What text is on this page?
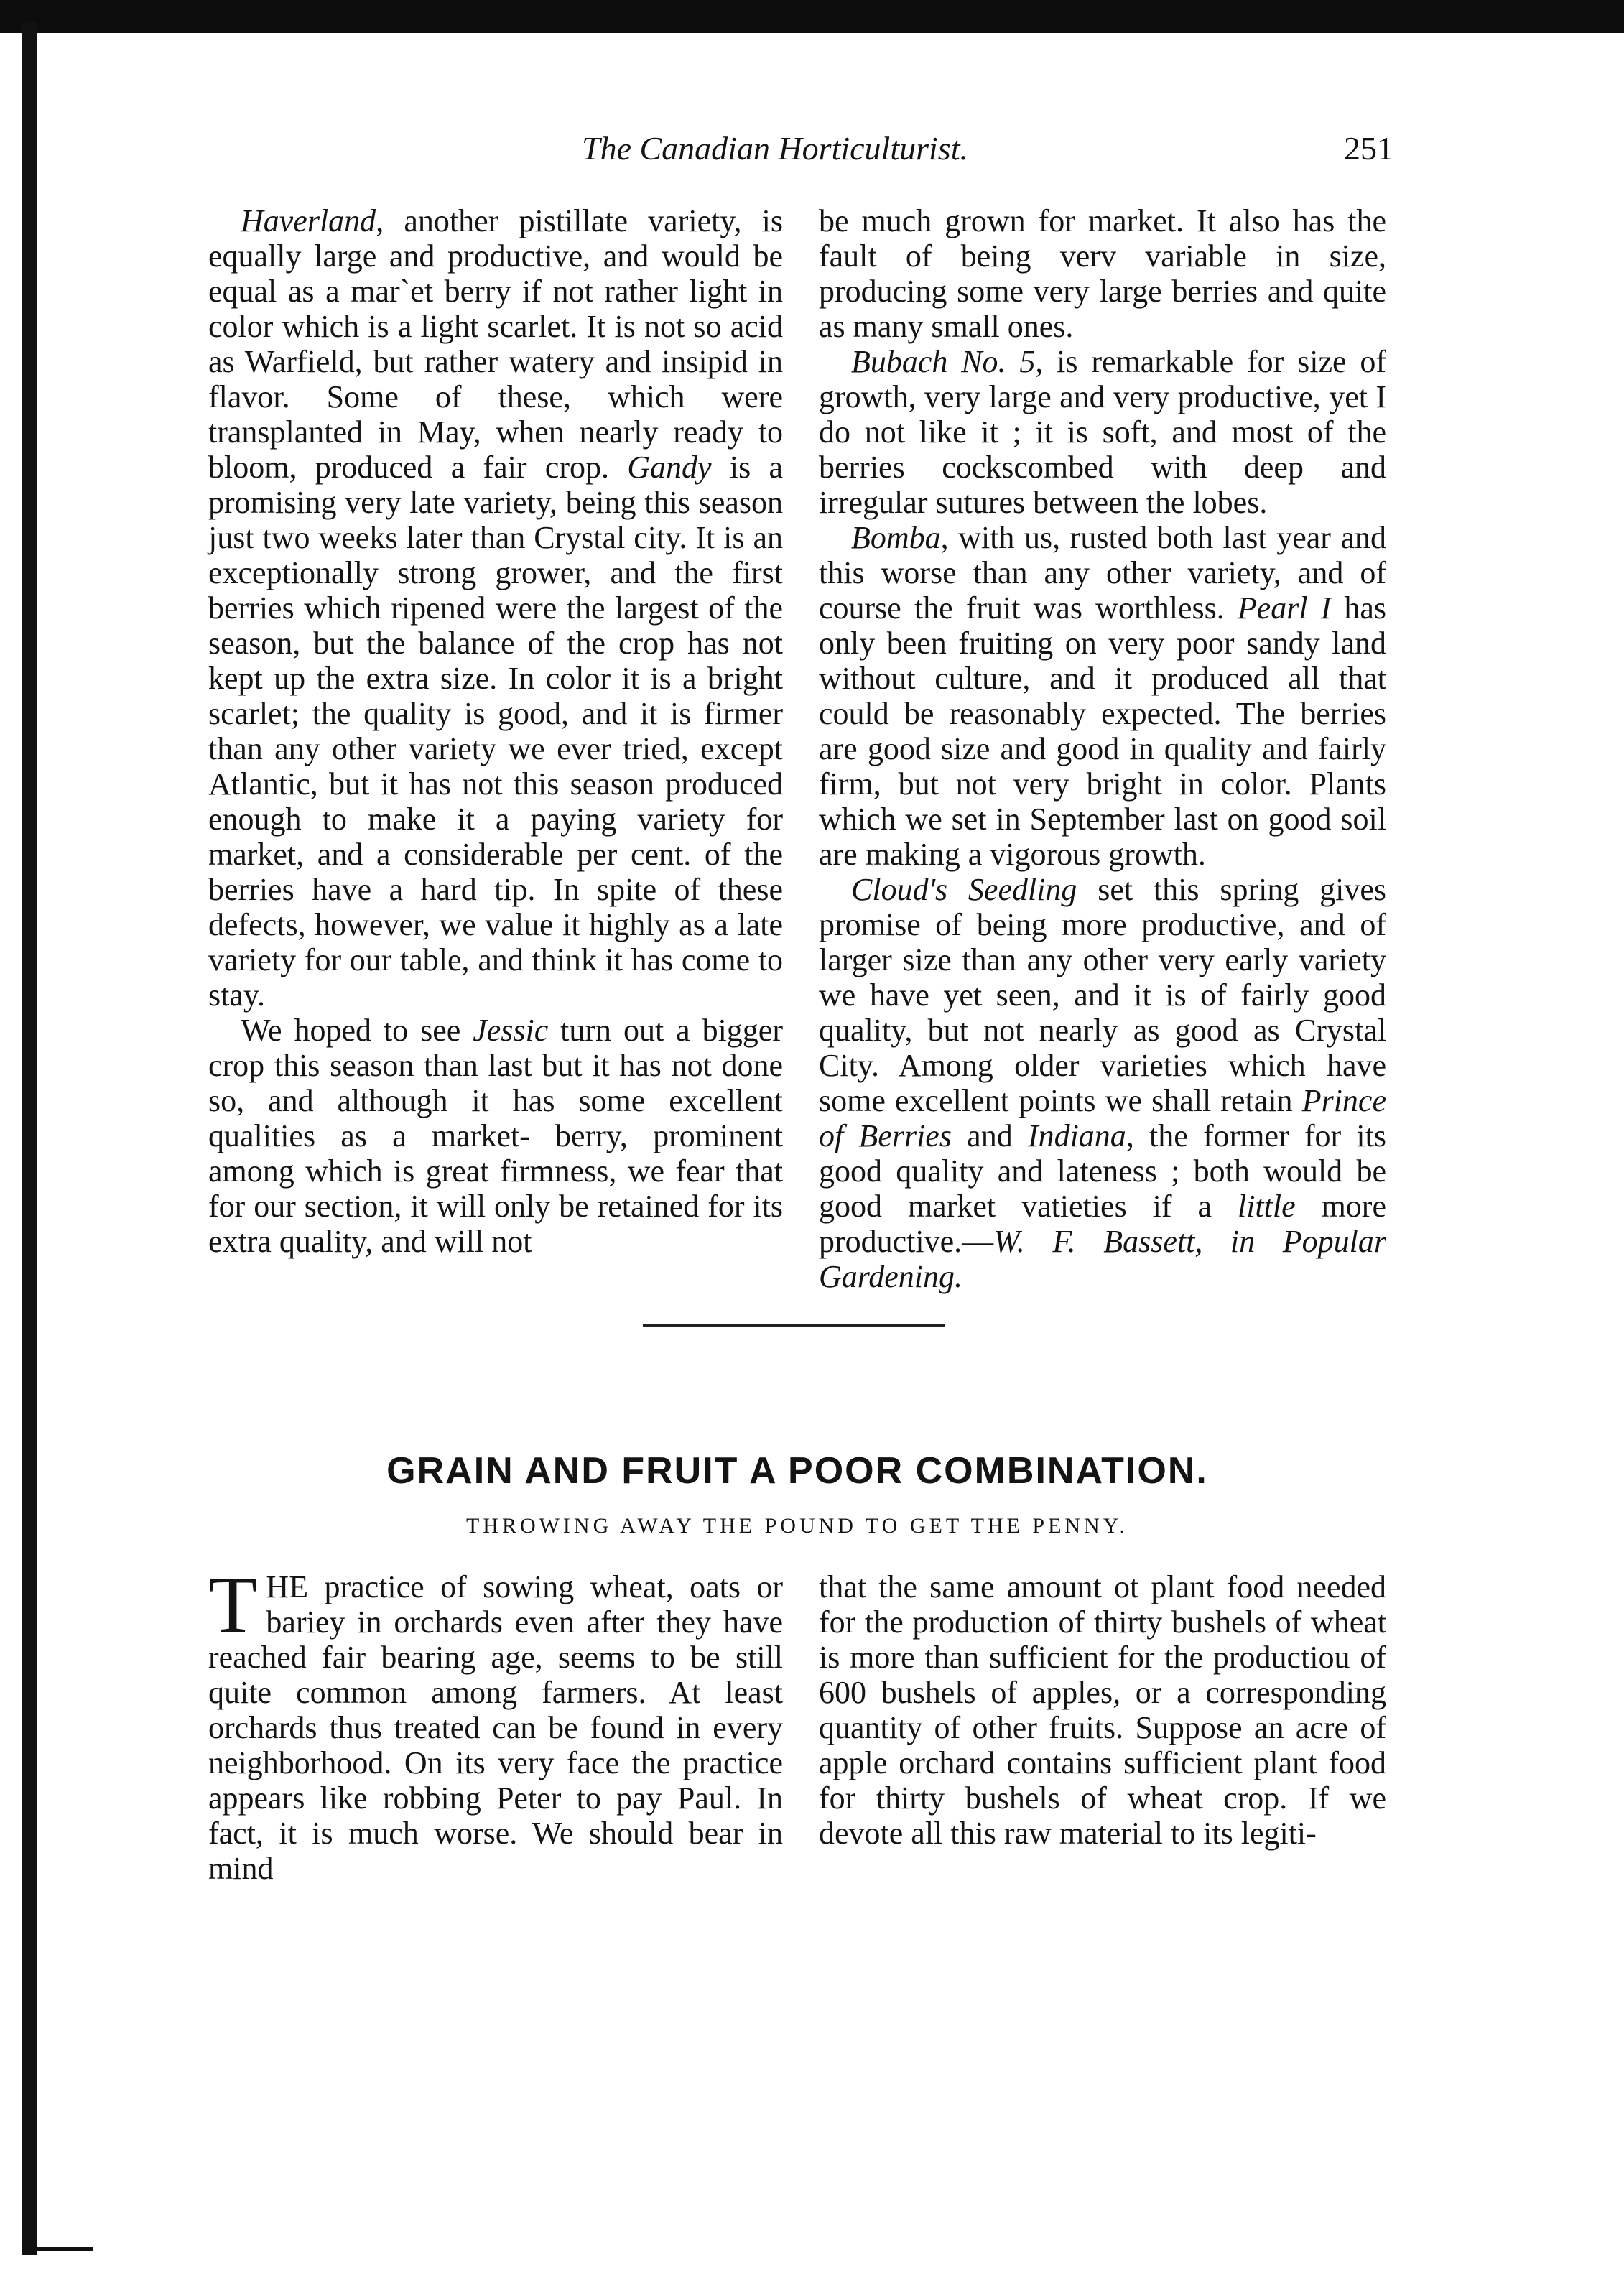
The Canadian Horticulturist.	251

Haverland, another pistillate variety, is equally large and productive, and would be equal as a mar`et berry if not rather light in color which is a light scarlet. It is not so acid as Warfield, but rather watery and insipid in flavor. Some of these, which were transplanted in May, when nearly ready to bloom, produced a fair crop. Gandy is a promising very late variety, being this season just two weeks later than Crystal city. It is an exceptionally strong grower, and the first berries which ripened were the largest of the season, but the balance of the crop has not kept up the extra size. In color it is a bright scarlet; the quality is good, and it is firmer than any other variety we ever tried, except Atlantic, but it has not this season produced enough to make it a paying variety for market, and a considerable per cent. of the berries have a hard tip. In spite of these defects, however, we value it highly as a late variety for our table, and think it has come to stay.

We hoped to see Jessic turn out a bigger crop this season than last but it has not done so, and although it has some excellent qualities as a market- berry, prominent among which is great firmness, we fear that for our section, it will only be retained for its extra quality, and will not

be much grown for market. It also has the fault of being verv variable in size, producing some very large berries and quite as many small ones.

Bubach No. 5, is remarkable for size of growth, very large and very productive, yet I do not like it ; it is soft, and most of the berries cockscombed with deep and irregular sutures between the lobes.

Bomba, with us, rusted both last year and this worse than any other variety, and of course the fruit was worthless. Pearl I has only been fruiting on very poor sandy land without culture, and it produced all that could be reasonably expected. The berries are good size and good in quality and fairly firm, but not very bright in color. Plants which we set in September last on good soil are making a vigorous growth.

Cloud's Seedling set this spring gives promise of being more productive, and of larger size than any other very early variety we have yet seen, and it is of fairly good quality, but not nearly as good as Crystal City. Among older varieties which have some excellent points we shall retain Prince of Berries and Indiana, the former for its good quality and lateness ; both would be good market vatieties if a little more productive.—W. F. Bassett, in Popular Gardening.

GRAIN AND FRUIT A POOR COMBINATION.
THROWING AWAY THE POUND TO GET THE PENNY.

THE practice of sowing wheat, oats or bariey in orchards even after they have reached fair bearing age, seems to be still quite common among farmers. At least orchards thus treated can be found in every neighborhood. On its very face the practice appears like robbing Peter to pay Paul. In fact, it is much worse. We should bear in mind

that the same amount ot plant food needed for the production of thirty bushels of wheat is more than sufficient for the productiou of 600 bushels of apples, or a corresponding quantity of other fruits. Suppose an acre of apple orchard contains sufficient plant food for thirty bushels of wheat crop. If we devote all this raw material to its legiti-
